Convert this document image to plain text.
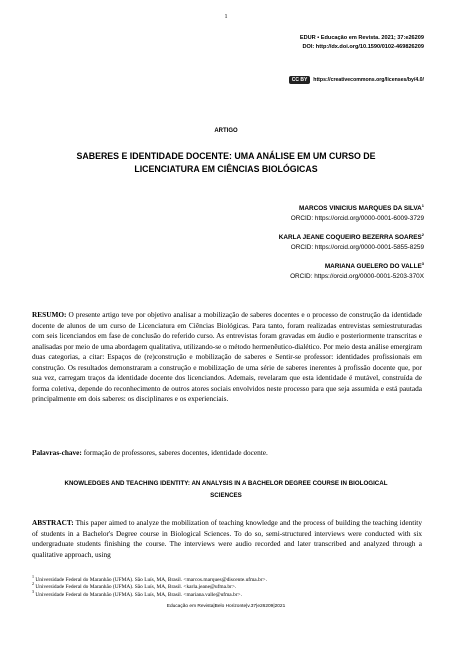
1
EDUR • Educação em Revista. 2021; 37:e26209
DOI: http://dx.doi.org/10.1590/0102-469826209
CC BY https://creativecommons.org/licenses/by/4.0/
ARTIGO
SABERES E IDENTIDADE DOCENTE: UMA ANÁLISE EM UM CURSO DE LICENCIATURA EM CIÊNCIAS BIOLÓGICAS
MARCOS VINICIUS MARQUES DA SILVA$^1$
ORCID: https://orcid.org/0000-0001-6009-3729
KARLA JEANE COQUEIRO BEZERRA SOARES$^2$
ORCID: https://orcid.org/0000-0001-5855-8259
MARIANA GUELERO DO VALLE$^3$
ORCID: https://orcid.org/0000-0001-5203-370X
RESUMO: O presente artigo teve por objetivo analisar a mobilização de saberes docentes e o processo de construção da identidade docente de alunos de um curso de Licenciatura em Ciências Biológicas. Para tanto, foram realizadas entrevistas semiestruturadas com seis licenciandos em fase de conclusão do referido curso. As entrevistas foram gravadas em áudio e posteriormente transcritas e analisadas por meio de uma abordagem qualitativa, utilizando-se o método hermenêutico-dialético. Por meio desta análise emergiram duas categorias, a citar: Espaços de (re)construção e mobilização de saberes e Sentir-se professor: identidades profissionais em construção. Os resultados demonstraram a construção e mobilização de uma série de saberes inerentes à profissão docente que, por sua vez, carregam traços da identidade docente dos licenciandos. Ademais, revelaram que esta identidade é mutável, construída de forma coletiva, depende do reconhecimento de outros atores sociais envolvidos neste processo para que seja assumida e está pautada principalmente em dois saberes: os disciplinares e os experienciais.
Palavras-chave: formação de professores, saberes docentes, identidade docente.
KNOWLEDGES AND TEACHING IDENTITY: AN ANALYSIS IN A BACHELOR DEGREE COURSE IN BIOLOGICAL SCIENCES
ABSTRACT: This paper aimed to analyze the mobilization of teaching knowledge and the process of building the teaching identity of students in a Bachelor's Degree course in Biological Sciences. To do so, semi-structured interviews were conducted with six undergraduate students finishing the course. The interviews were audio recorded and later transcribed and analyzed through a qualitative approach, using
$^1$ Universidade Federal do Maranhão (UFMA). São Luís, MA, Brasil. <marcos.marques@discente.ufma.br>.
$^2$ Universidade Federal do Maranhão (UFMA). São Luís, MA, Brasil. <karla.jeane@ufma.br>.
$^3$ Universidade Federal do Maranhão (UFMA). São Luís, MA, Brasil. <mariana.valle@ufma.br>.
Educação em Revista|Belo Horizonte|v.37|e26209|2021
